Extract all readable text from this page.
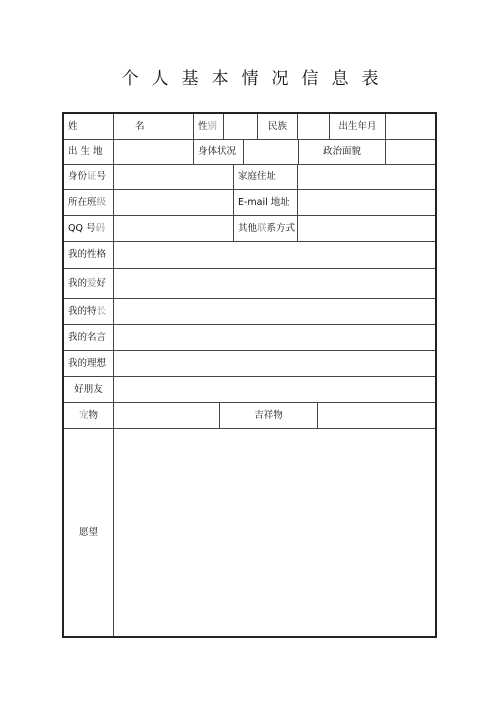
个人基本情况信息表
姓　名	性 别	民族	出生年月
出 生 地	身体状况	政治面貌
身份 证 号	家庭住址
所在班 级	E-mail 地址
QQ 号 码	其他 联 系方式
我的性格
我的 爱 好
我的特 长
我的名言
我的理想
好朋友
宠 物	吉祥物
愿望
